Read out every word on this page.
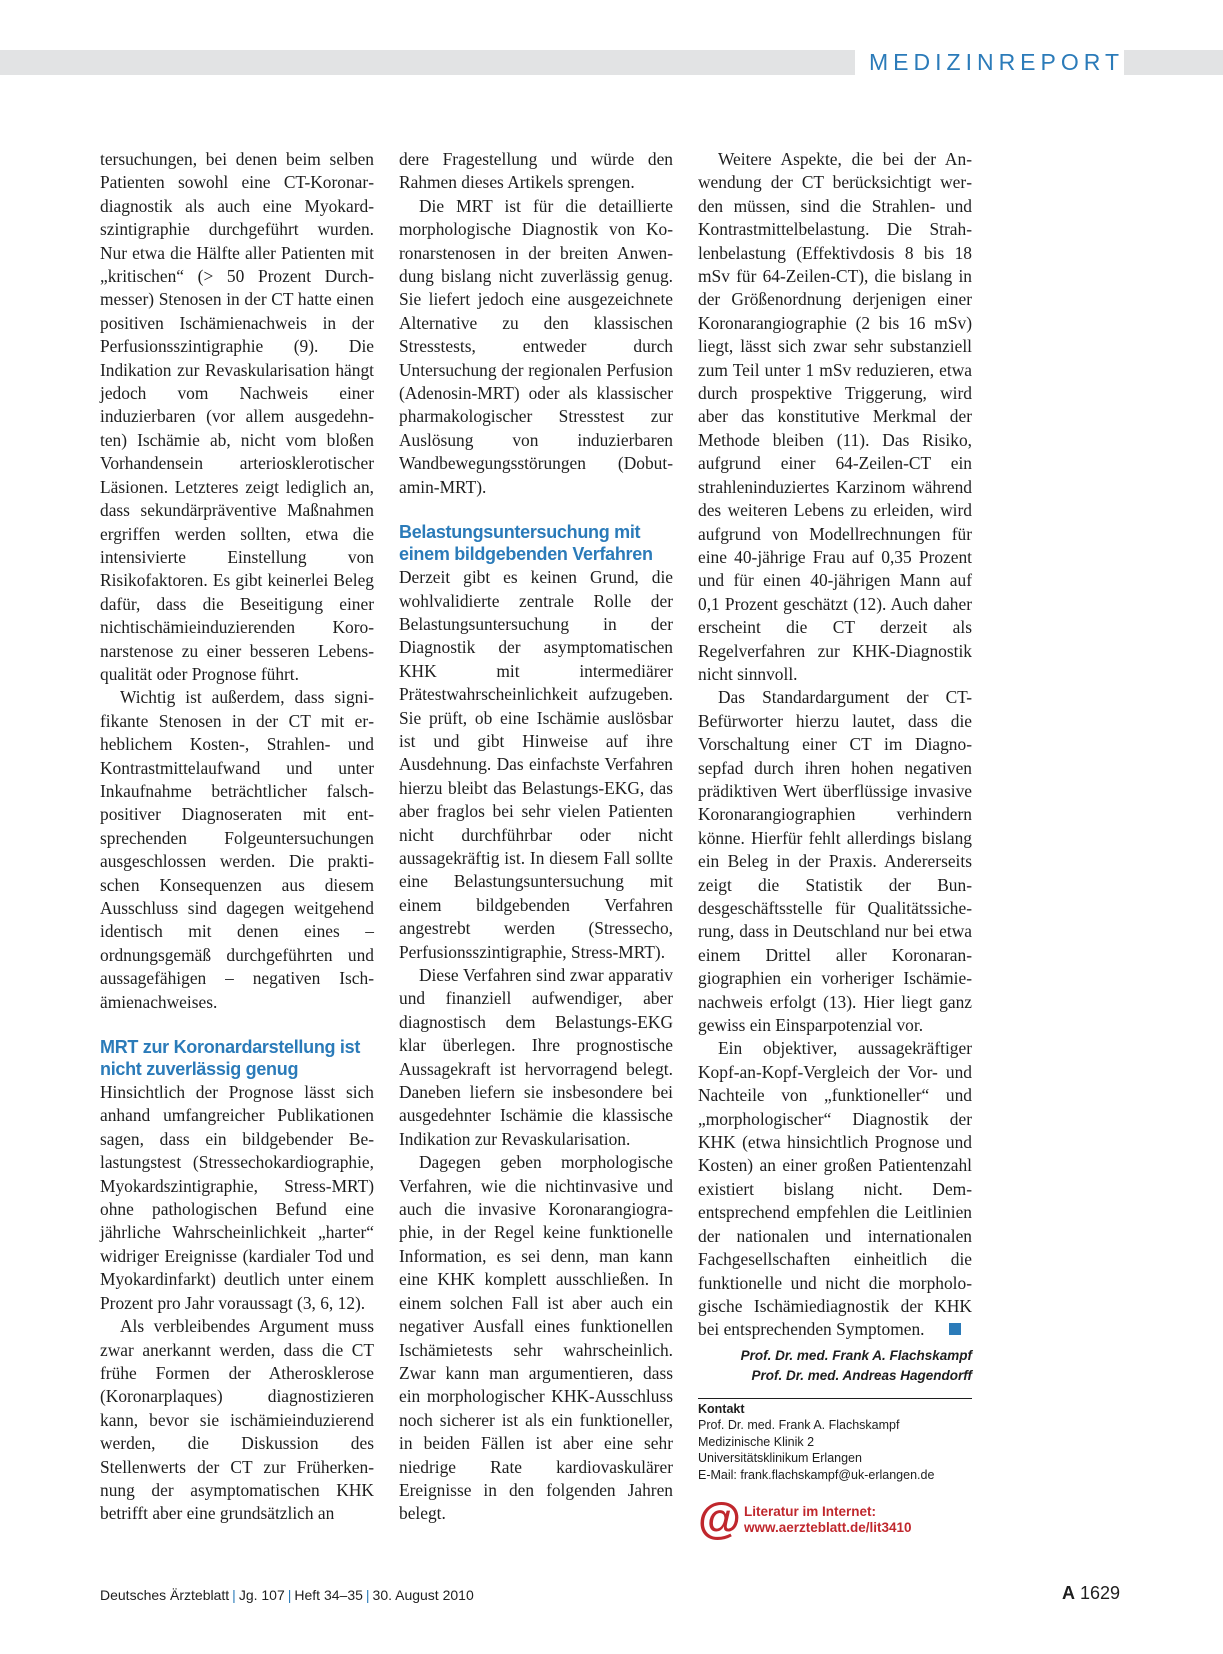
MEDIZINREPORT

tersuchungen, bei denen beim selben Patienten sowohl eine CT-Koronardiagnostik als auch eine Myokardszintigraphie durchgeführt wurden. Nur etwa die Hälfte aller Patienten mit „kritischen“ (> 50 Prozent Durchmesser) Stenosen in der CT hatte einen positiven Ischämienachweis in der Perfusionsszintigraphie (9). Die Indikation zur Revaskularisation hängt jedoch vom Nachweis einer induzierbaren (vor allem ausgedehnten) Ischämie ab, nicht vom bloßen Vorhandensein arteriosklerotischer Läsionen. Letzteres zeigt lediglich an, dass sekundärpräventive Maßnahmen ergriffen werden sollten, etwa die intensivierte Einstellung von Risikofaktoren. Es gibt keinerlei Beleg dafür, dass die Beseitigung einer nichtischämieinduzierenden Koronarstenose zu einer besseren Lebensqualität oder Prognose führt.

Wichtig ist außerdem, dass signifikante Stenosen in der CT mit erheblichem Kosten-, Strahlen- und Kontrastmittelaufwand und unter Inkaufnahme beträchtlicher falschpositiver Diagnoseraten mit entsprechenden Folgeuntersuchungen ausgeschlossen werden. Die praktischen Konsequenzen aus diesem Ausschluss sind dagegen weitgehend identisch mit denen eines – ordnungsgemäß durchgeführten und aussagefähigen – negativen Ischämienachweises.

MRT zur Koronardarstellung ist nicht zuverlässig genug

Hinsichtlich der Prognose lässt sich anhand umfangreicher Publikationen sagen, dass ein bildgebender Belastungstest (Stressechokardiographie, Myokardszintigraphie, Stress-MRT) ohne pathologischen Befund eine jährliche Wahrscheinlichkeit „harter“ widriger Ereignisse (kardialer Tod und Myokardinfarkt) deutlich unter einem Prozent pro Jahr voraussagt (3, 6, 12).

Als verbleibendes Argument muss zwar anerkannt werden, dass die CT frühe Formen der Atherosklerose (Koronarplaques) diagnostizieren kann, bevor sie ischämieinduzierend werden, die Diskussion des Stellenwerts der CT zur Früherkennung der asymptomatischen KHK betrifft aber eine grundsätzlich an

dere Fragestellung und würde den Rahmen dieses Artikels sprengen.

Die MRT ist für die detaillierte morphologische Diagnostik von Koronarstenosen in der breiten Anwendung bislang nicht zuverlässig genug. Sie liefert jedoch eine ausgezeichnete Alternative zu den klassischen Stresstests, entweder durch Untersuchung der regionalen Perfusion (Adenosin-MRT) oder als klassischer pharmakologischer Stresstest zur Auslösung von induzierbaren Wandbewegungsstörungen (Dobutamin-MRT).

Belastungsuntersuchung mit einem bildgebenden Verfahren

Derzeit gibt es keinen Grund, die wohlvalidierte zentrale Rolle der Belastungsuntersuchung in der Diagnostik der asymptomatischen KHK mit intermediärer Prätestwahrscheinlichkeit aufzugeben. Sie prüft, ob eine Ischämie auslösbar ist und gibt Hinweise auf ihre Ausdehnung. Das einfachste Verfahren hierzu bleibt das Belastungs-EKG, das aber fraglos bei sehr vielen Patienten nicht durchführbar oder nicht aussagekräftig ist. In diesem Fall sollte eine Belastungsuntersuchung mit einem bildgebenden Verfahren angestrebt werden (Stressecho, Perfusionsszintigraphie, Stress-MRT).

Diese Verfahren sind zwar apparativ und finanziell aufwendiger, aber diagnostisch dem Belastungs-EKG klar überlegen. Ihre prognostische Aussagekraft ist hervorragend belegt. Daneben liefern sie insbesondere bei ausgedehnter Ischämie die klassische Indikation zur Revaskularisation.

Dagegen geben morphologische Verfahren, wie die nichtinvasive und auch die invasive Koronarangiographie, in der Regel keine funktionelle Information, es sei denn, man kann eine KHK komplett ausschließen. In einem solchen Fall ist aber auch ein negativer Ausfall eines funktionellen Ischämietests sehr wahrscheinlich. Zwar kann man argumentieren, dass ein morphologischer KHK-Ausschluss noch sicherer ist als ein funktioneller, in beiden Fällen ist aber eine sehr niedrige Rate kardiovaskulärer Ereignisse in den folgenden Jahren belegt.

Weitere Aspekte, die bei der Anwendung der CT berücksichtigt werden müssen, sind die Strahlen- und Kontrastmittelbelastung. Die Strahlenbelastung (Effektivdosis 8 bis 18 mSv für 64-Zeilen-CT), die bislang in der Größenordnung derjenigen einer Koronarangiographie (2 bis 16 mSv) liegt, lässt sich zwar sehr substanziell zum Teil unter 1 mSv reduzieren, etwa durch prospektive Triggerung, wird aber das konstitutive Merkmal der Methode bleiben (11). Das Risiko, aufgrund einer 64-Zeilen-CT ein strahleninduziertes Karzinom während des weiteren Lebens zu erleiden, wird aufgrund von Modellrechnungen für eine 40-jährige Frau auf 0,35 Prozent und für einen 40-jährigen Mann auf 0,1 Prozent geschätzt (12). Auch daher erscheint die CT derzeit als Regelverfahren zur KHK-Diagnostik nicht sinnvoll.

Das Standardargument der CT-Befürworter hierzu lautet, dass die Vorschaltung einer CT im Diagnosepfad durch ihren hohen negativen prädiktiven Wert überflüssige invasive Koronarangiographien verhindern könne. Hierfür fehlt allerdings bislang ein Beleg in der Praxis. Andererseits zeigt die Statistik der Bundesgeschäftsstelle für Qualitätssicherung, dass in Deutschland nur bei etwa einem Drittel aller Koronarangiographien ein vorheriger Ischämienachweis erfolgt (13). Hier liegt ganz gewiss ein Einsparpotenzial vor.

Ein objektiver, aussagekräftiger Kopf-an-Kopf-Vergleich der Vor- und Nachteile von „funktioneller“ und „morphologischer“ Diagnostik der KHK (etwa hinsichtlich Prognose und Kosten) an einer großen Patientenzahl existiert bislang nicht. Dementsprechend empfehlen die Leitlinien der nationalen und internationalen Fachgesellschaften einheitlich die funktionelle und nicht die morphologische Ischämiediagnostik der KHK bei entsprechenden Symptomen.

Prof. Dr. med. Frank A. Flachskampf
Prof. Dr. med. Andreas Hagendorff
Kontakt
Prof. Dr. med. Frank A. Flachskampf
Medizinische Klinik 2
Universitätsklinikum Erlangen
E-Mail: frank.flachskampf@uk-erlangen.de
@ Literatur im Internet:
www.aerzteblatt.de/lit3410
Deutsches Ärzteblatt | Jg. 107 | Heft 34–35 | 30. August 2010	A 1629
